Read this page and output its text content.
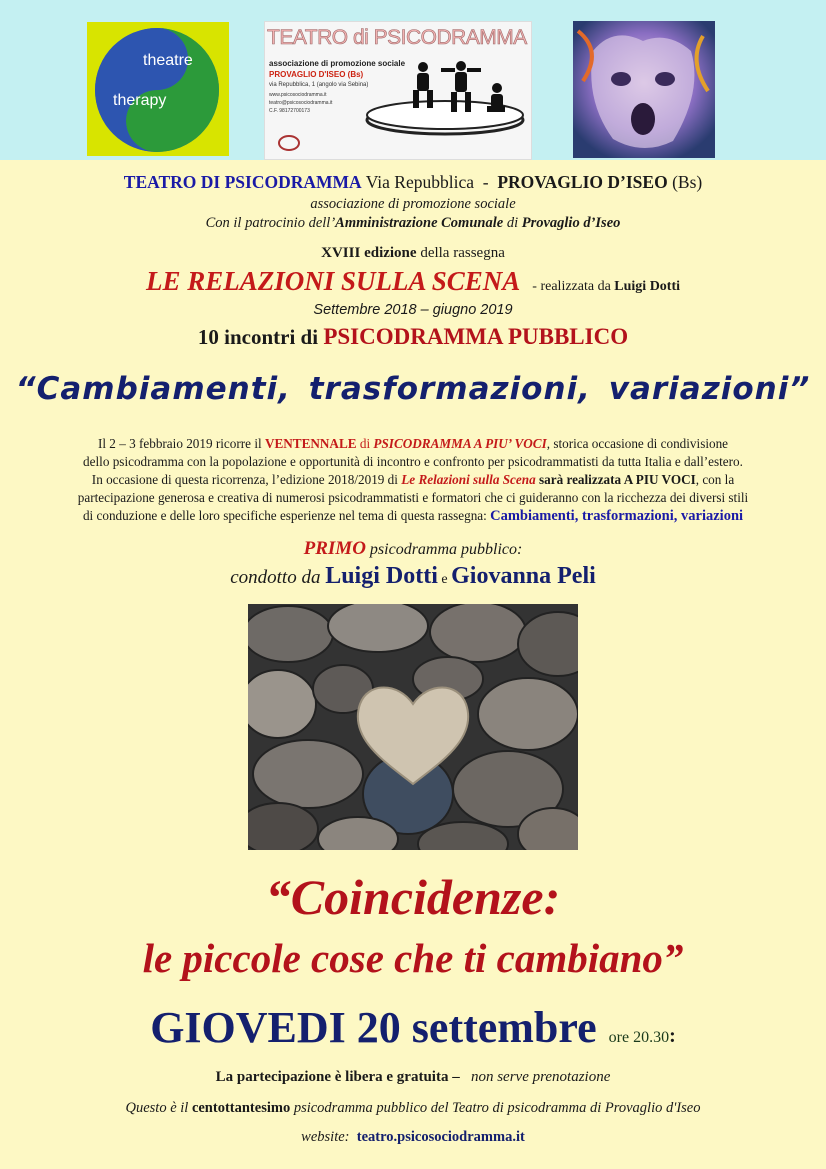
theatre
therapy
TEATRO di PSICODRAMMA
associazione di promozione sociale
PROVAGLIO D'ISEO (Bs)
via Repubblica, 1 (angolo via Sebina)
www.psicosociodramma.it
teatro@psicosociodramma.it
C.F. 98172700173
TEATRO DI PSICODRAMMA Via Repubblica - PROVAGLIO D’ISEO (Bs)
associazione di promozione sociale
Con il patrocinio dell’Amministrazione Comunale di Provaglio d’Iseo
XVIII edizione della rassegna
LE RELAZIONI SULLA SCENA - realizzata da Luigi Dotti
Settembre 2018 – giugno 2019
10 incontri di PSICODRAMMA PUBBLICO
“Cambiamenti, trasformazioni, variazioni”
Il 2 – 3 febbraio 2019 ricorre il VENTENNALE di PSICODRAMMA A PIU’ VOCI, storica occasione di condivisione
dello psicodramma con la popolazione e opportunità di incontro e confronto per psicodrammatisti da tutta Italia e dall’estero.
In occasione di questa ricorrenza, l’edizione 2018/2019 di Le Relazioni sulla Scena sarà realizzata A PIU VOCI, con la
partecipazione generosa e creativa di numerosi psicodrammatisti e formatori che ci guideranno con la ricchezza dei diversi stili
di conduzione e delle loro specifiche esperienze nel tema di questa rassegna: Cambiamenti, trasformazioni, variazioni
PRIMO psicodramma pubblico:
condotto da Luigi Dotti e Giovanna Peli
“Coincidenze:
le piccole cose che ti cambiano”
GIOVEDI 20 settembre ore 20.30:
La partecipazione è libera e gratuita – non serve prenotazione
Questo è il centottantesimo psicodramma pubblico del Teatro di psicodramma di Provaglio d'Iseo
website: teatro.psicosociodramma.it
